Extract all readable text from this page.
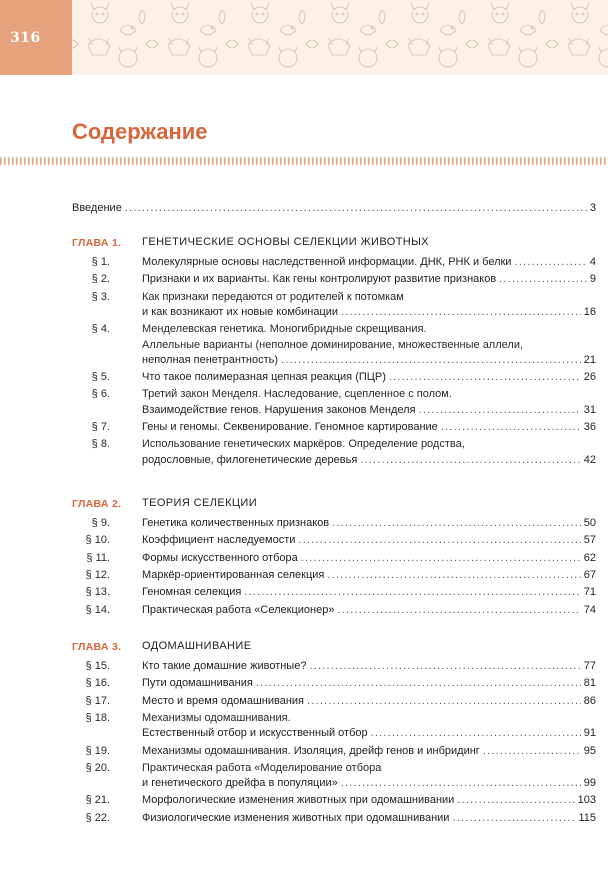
316
Содержание
Введение .....	3
ГЛАВА 1. ГЕНЕТИЧЕСКИЕ ОСНОВЫ СЕЛЕКЦИИ ЖИВОТНЫХ
§ 1.	Молекулярные основы наследственной информации. ДНК, РНК и белки .....	4
§ 2.	Признаки и их варианты. Как гены контролируют развитие признаков .....	9
§ 3.	Как признаки передаются от родителей к потомкам
и как возникают их новые комбинации .....	16
§ 4.	Менделевская генетика. Моногибридные скрещивания.
Аллельные варианты (неполное доминирование, множественные аллели,
неполная пенетрантность) .....	21
§ 5.	Что такое полимеразная цепная реакция (ПЦР) .....	26
§ 6.	Третий закон Менделя. Наследование, сцепленное с полом.
Взаимодействие генов. Нарушения законов Менделя .....	31
§ 7.	Гены и геномы. Секвенирование. Геномное картирование .....	36
§ 8.	Использование генетических маркёров. Определение родства,
родословные, филогенетические деревья .....	42
ГЛАВА 2. ТЕОРИЯ СЕЛЕКЦИИ
§ 9.	Генетика количественных признаков .....	50
§ 10.	Коэффициент наследуемости .....	57
§ 11.	Формы искусственного отбора .....	62
§ 12.	Маркёр-ориентированная селекция .....	67
§ 13.	Геномная селекция .....	71
§ 14.	Практическая работа «Селекционер» .....	74
ГЛАВА 3. ОДОМАШНИВАНИЕ
§ 15.	Кто такие домашние животные? .....	77
§ 16.	Пути одомашнивания .....	81
§ 17.	Место и время одомашнивания .....	86
§ 18.	Механизмы одомашнивания.
Естественный отбор и искусственный отбор .....	91
§ 19.	Механизмы одомашнивания. Изоляция, дрейф генов и инбридинг .....	95
§ 20.	Практическая работа «Моделирование отбора
и генетического дрейфа в популяции» .....	99
§ 21.	Морфологические изменения животных при одомашнивании .....	103
§ 22.	Физиологические изменения животных при одомашнивании .....	115
